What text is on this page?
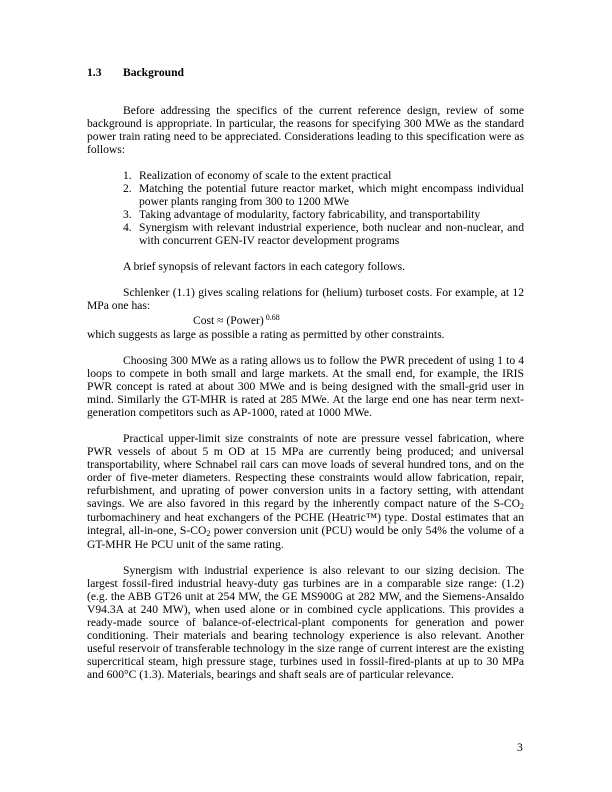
1.3 Background

Before addressing the specifics of the current reference design, review of some background is appropriate. In particular, the reasons for specifying 300 MWe as the standard power train rating need to be appreciated. Considerations leading to this specification were as follows:

1. Realization of economy of scale to the extent practical
2. Matching the potential future reactor market, which might encompass individual power plants ranging from 300 to 1200 MWe
3. Taking advantage of modularity, factory fabricability, and transportability
4. Synergism with relevant industrial experience, both nuclear and non-nuclear, and with concurrent GEN-IV reactor development programs

A brief synopsis of relevant factors in each category follows.

Schlenker (1.1) gives scaling relations for (helium) turboset costs. For example, at 12 MPa one has:

Cost ≈ (Power) $^{0.68}$

which suggests as large as possible a rating as permitted by other constraints.

Choosing 300 MWe as a rating allows us to follow the PWR precedent of using 1 to 4 loops to compete in both small and large markets. At the small end, for example, the IRIS PWR concept is rated at about 300 MWe and is being designed with the small-grid user in mind. Similarly the GT-MHR is rated at 285 MWe. At the large end one has near term next-generation competitors such as AP-1000, rated at 1000 MWe.

Practical upper-limit size constraints of note are pressure vessel fabrication, where PWR vessels of about 5 m OD at 15 MPa are currently being produced; and universal transportability, where Schnabel rail cars can move loads of several hundred tons, and on the order of five-meter diameters. Respecting these constraints would allow fabrication, repair, refurbishment, and uprating of power conversion units in a factory setting, with attendant savings. We are also favored in this regard by the inherently compact nature of the $S-CO_2$ turbomachinery and heat exchangers of the PCHE (Heatric™) type. Dostal estimates that an integral, all-in-one, $S-CO_2$ power conversion unit (PCU) would be only 54% the volume of a GT-MHR He PCU unit of the same rating.

Synergism with industrial experience is also relevant to our sizing decision. The largest fossil-fired industrial heavy-duty gas turbines are in a comparable size range: (1.2) (e.g. the ABB GT26 unit at 254 MW, the GE MS900G at 282 MW, and the Siemens-Ansaldo V94.3A at 240 MW), when used alone or in combined cycle applications. This provides a ready-made source of balance-of-electrical-plant components for generation and power conditioning. Their materials and bearing technology experience is also relevant. Another useful reservoir of transferable technology in the size range of current interest are the existing supercritical steam, high pressure stage, turbines used in fossil-fired-plants at up to 30 MPa and 600°C (1.3). Materials, bearings and shaft seals are of particular relevance.

3
